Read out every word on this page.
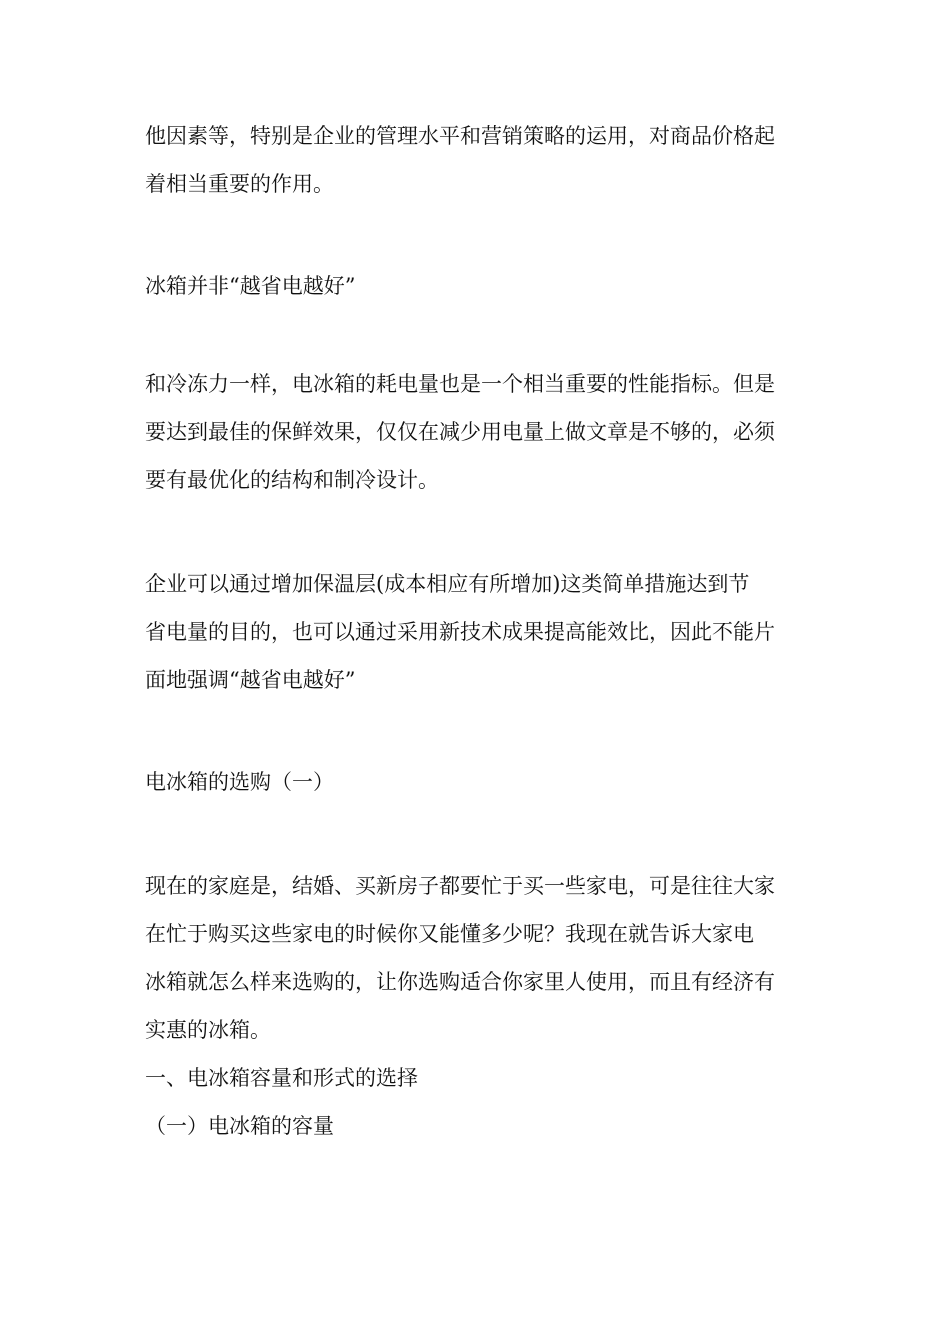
他因素等，特别是企业的管理水平和营销策略的运用，对商品价格起
着相当重要的作用。
冰箱并非“越省电越好”
和冷冻力一样，电冰箱的耗电量也是一个相当重要的性能指标。但是
要达到最佳的保鲜效果，仅仅在减少用电量上做文章是不够的，必须
要有最优化的结构和制冷设计。
企业可以通过增加保温层(成本相应有所增加)这类简单措施达到节
省电量的目的，也可以通过采用新技术成果提高能效比，因此不能片
面地强调“越省电越好”
电冰箱的选购（一）
现在的家庭是，结婚、买新房子都要忙于买一些家电，可是往往大家
在忙于购买这些家电的时候你又能懂多少呢？我现在就告诉大家电
冰箱就怎么样来选购的，让你选购适合你家里人使用，而且有经济有
实惠的冰箱。
一、电冰箱容量和形式的选择
（一）电冰箱的容量
